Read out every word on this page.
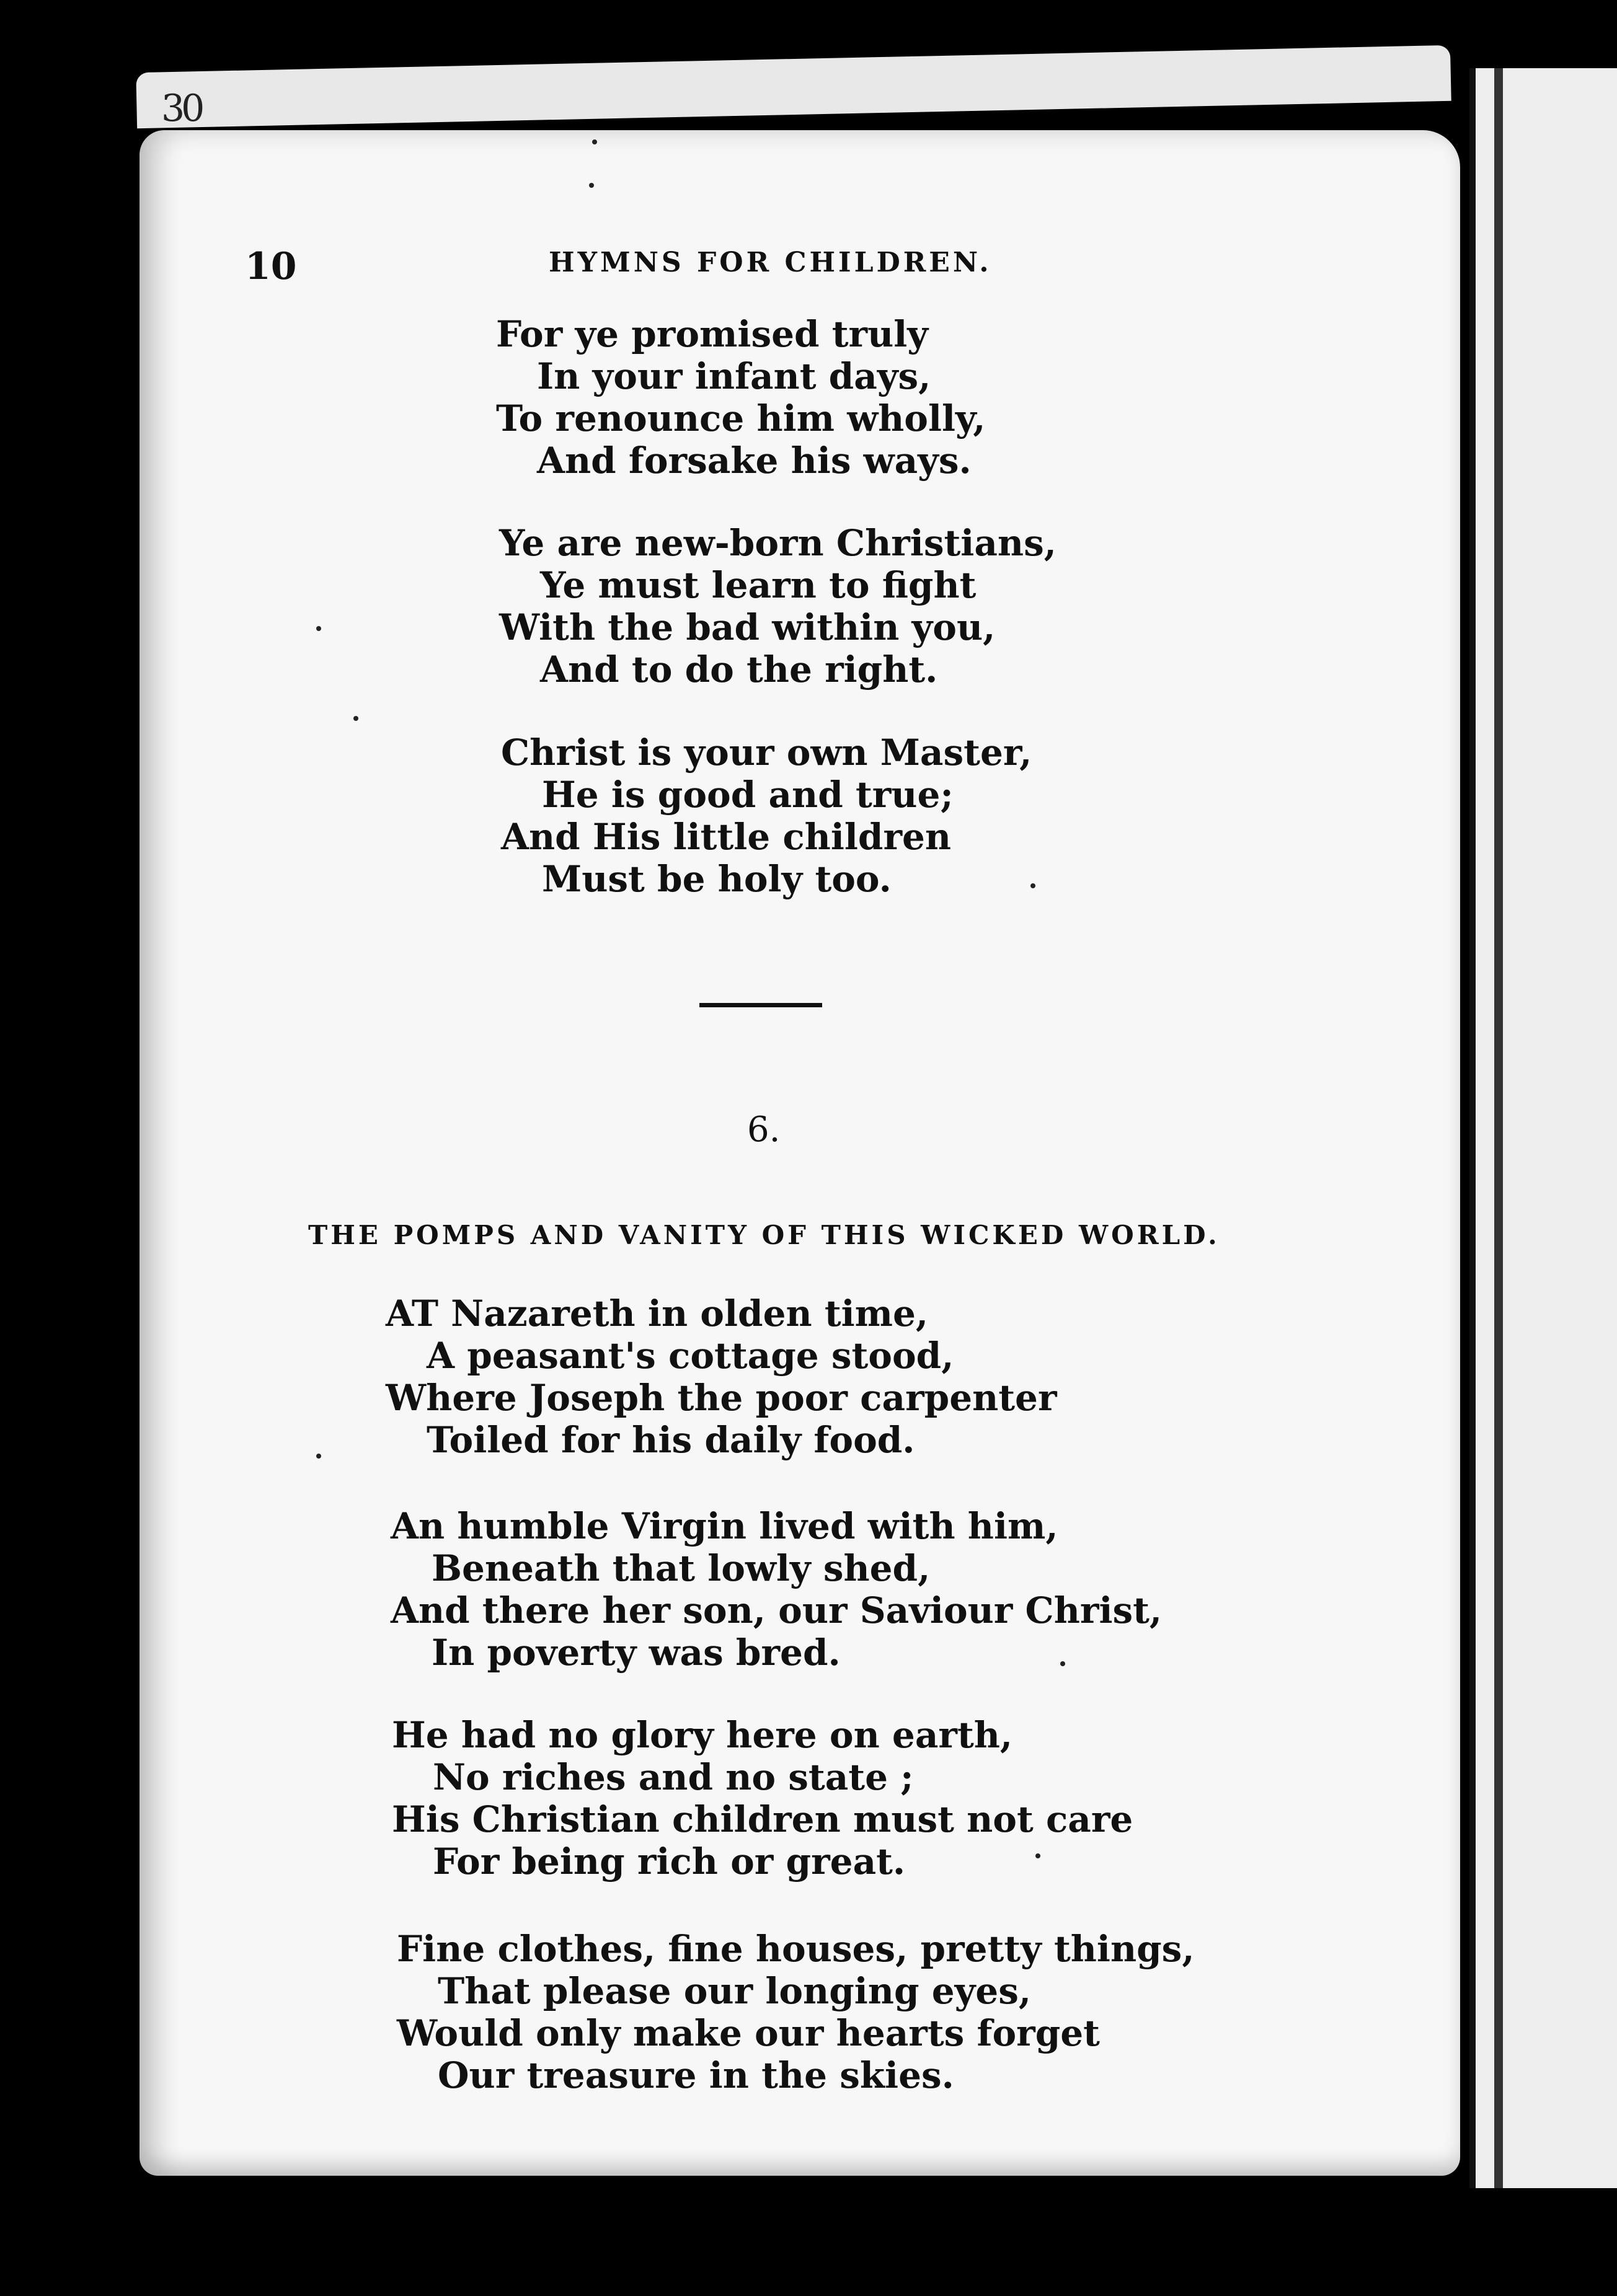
30
10	HYMNS FOR CHILDREN.
For ye promised truly
In your infant days,
To renounce him wholly,
And forsake his ways.
Ye are new-born Christians,
Ye must learn to fight
With the bad within you,
And to do the right.
Christ is your own Master,
He is good and true;
And His little children
Must be holy too.
6.
THE POMPS AND VANITY OF THIS WICKED WORLD.
AT Nazareth in olden time,
A peasant's cottage stood,
Where Joseph the poor carpenter
Toiled for his daily food.
An humble Virgin lived with him,
Beneath that lowly shed,
And there her son, our Saviour Christ,
In poverty was bred.
He had no glory here on earth,
No riches and no state ;
His Christian children must not care
For being rich or great.
Fine clothes, fine houses, pretty things,
That please our longing eyes,
Would only make our hearts forget
Our treasure in the skies.
